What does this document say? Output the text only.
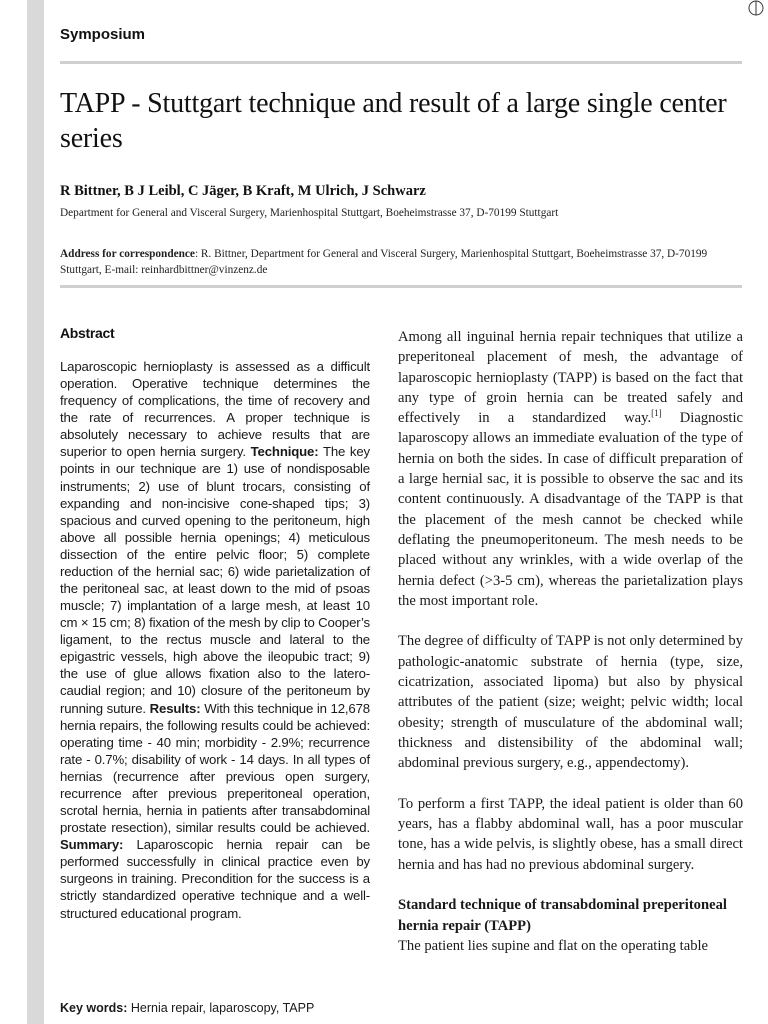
Symposium
TAPP - Stuttgart technique and result of a large single center series
R Bittner, B J Leibl, C Jäger, B Kraft, M Ulrich, J Schwarz
Department for General and Visceral Surgery, Marienhospital Stuttgart, Boeheimstrasse 37, D-70199 Stuttgart

Address for correspondence: R. Bittner, Department for General and Visceral Surgery, Marienhospital Stuttgart, Boeheimstrasse 37, D-70199 Stuttgart, E-mail: reinhardbittner@vinzenz.de

Abstract

Laparoscopic hernioplasty is assessed as a difficult operation. Operative technique determines the frequency of complications, the time of recovery and the rate of recurrences. A proper technique is absolutely necessary to achieve results that are superior to open hernia surgery. Technique: The key points in our technique are 1) use of nondisposable instruments; 2) use of blunt trocars, consisting of expanding and non-incisive cone-shaped tips; 3) spacious and curved opening to the peritoneum, high above all possible hernia openings; 4) meticulous dissection of the entire pelvic floor; 5) complete reduction of the hernial sac; 6) wide parietalization of the peritoneal sac, at least down to the mid of psoas muscle; 7) implantation of a large mesh, at least 10 cm × 15 cm; 8) fixation of the mesh by clip to Cooper’s ligament, to the rectus muscle and lateral to the epigastric vessels, high above the ileopubic tract; 9) the use of glue allows fixation also to the latero-caudial region; and 10) closure of the peritoneum by running suture. Results: With this technique in 12,678 hernia repairs, the following results could be achieved: operating time - 40 min; morbidity - 2.9%; recurrence rate - 0.7%; disability of work - 14 days. In all types of hernias (recurrence after previous open surgery, recurrence after previous preperitoneal operation, scrotal hernia, hernia in patients after transabdominal prostate resection), similar results could be achieved. Summary: Laparoscopic hernia repair can be performed successfully in clinical practice even by surgeons in training. Precondition for the success is a strictly standardized operative technique and a well-structured educational program.

Key words: Hernia repair, laparoscopy, TAPP

Among all inguinal hernia repair techniques that utilize a preperitoneal placement of mesh, the advantage of laparoscopic hernioplasty (TAPP) is based on the fact that any type of groin hernia can be treated safely and effectively in a standardized way.[1] Diagnostic laparoscopy allows an immediate evaluation of the type of hernia on both the sides. In case of difficult preparation of a large hernial sac, it is possible to observe the sac and its content continuously. A disadvantage of the TAPP is that the placement of the mesh cannot be checked while deflating the pneumoperitoneum. The mesh needs to be placed without any wrinkles, with a wide overlap of the hernia defect (>3-5 cm), whereas the parietalization plays the most important role.

The degree of difficulty of TAPP is not only determined by pathologic-anatomic substrate of hernia (type, size, cicatrization, associated lipoma) but also by physical attributes of the patient (size; weight; pelvic width; local obesity; strength of musculature of the abdominal wall; thickness and distensibility of the abdominal wall; abdominal previous surgery, e.g., appendectomy).

To perform a first TAPP, the ideal patient is older than 60 years, has a flabby abdominal wall, has a poor muscular tone, has a wide pelvis, is slightly obese, has a small direct hernia and has had no previous abdominal surgery.

Standard technique of transabdominal preperitoneal hernia repair (TAPP)

The patient lies supine and flat on the operating table
